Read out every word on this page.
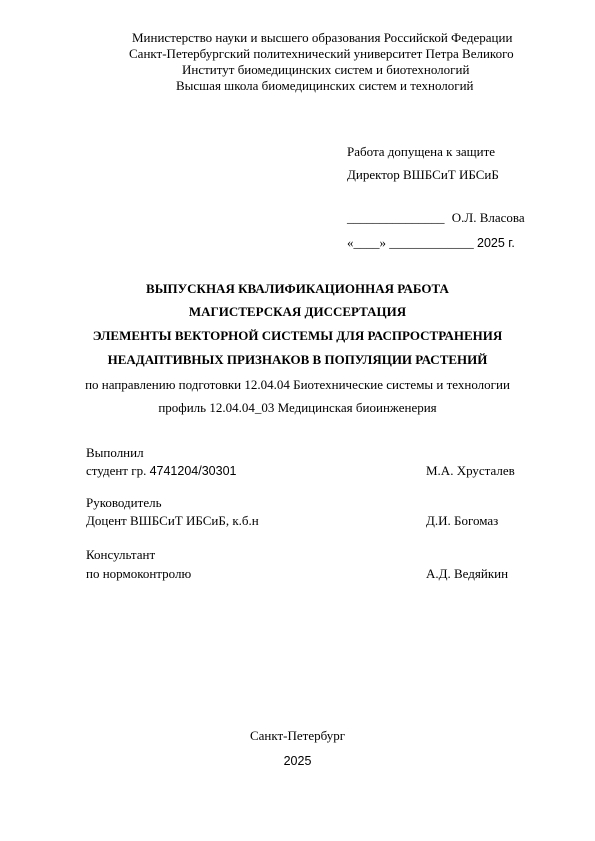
Министерство науки и высшего образования Российской Федерации
Санкт-Петербургский политехнический университет Петра Великого
Институт биомедицинских систем и биотехнологий
Высшая школа биомедицинских систем и технологий
Работа допущена к защите
Директор ВШБСиТ ИБСиБ
_______________ О.Л. Власова
«____» _____________ 2025 г.
ВЫПУСКНАЯ КВАЛИФИКАЦИОННАЯ РАБОТА
МАГИСТЕРСКАЯ ДИССЕРТАЦИЯ
ЭЛЕМЕНТЫ ВЕКТОРНОЙ СИСТЕМЫ ДЛЯ РАСПРОСТРАНЕНИЯ
НЕАДАПТИВНЫХ ПРИЗНАКОВ В ПОПУЛЯЦИИ РАСТЕНИЙ
по направлению подготовки 12.04.04 Биотехнические системы и технологии
профиль 12.04.04_03 Медицинская биоинженерия
Выполнил
студент гр. 4741204/30301	М.А. Хрусталев
Руководитель
Доцент ВШБСиТ ИБСиБ, к.б.н	Д.И. Богомаз
Консультант
по нормоконтролю	А.Д. Ведяйкин
Санкт-Петербург
2025
